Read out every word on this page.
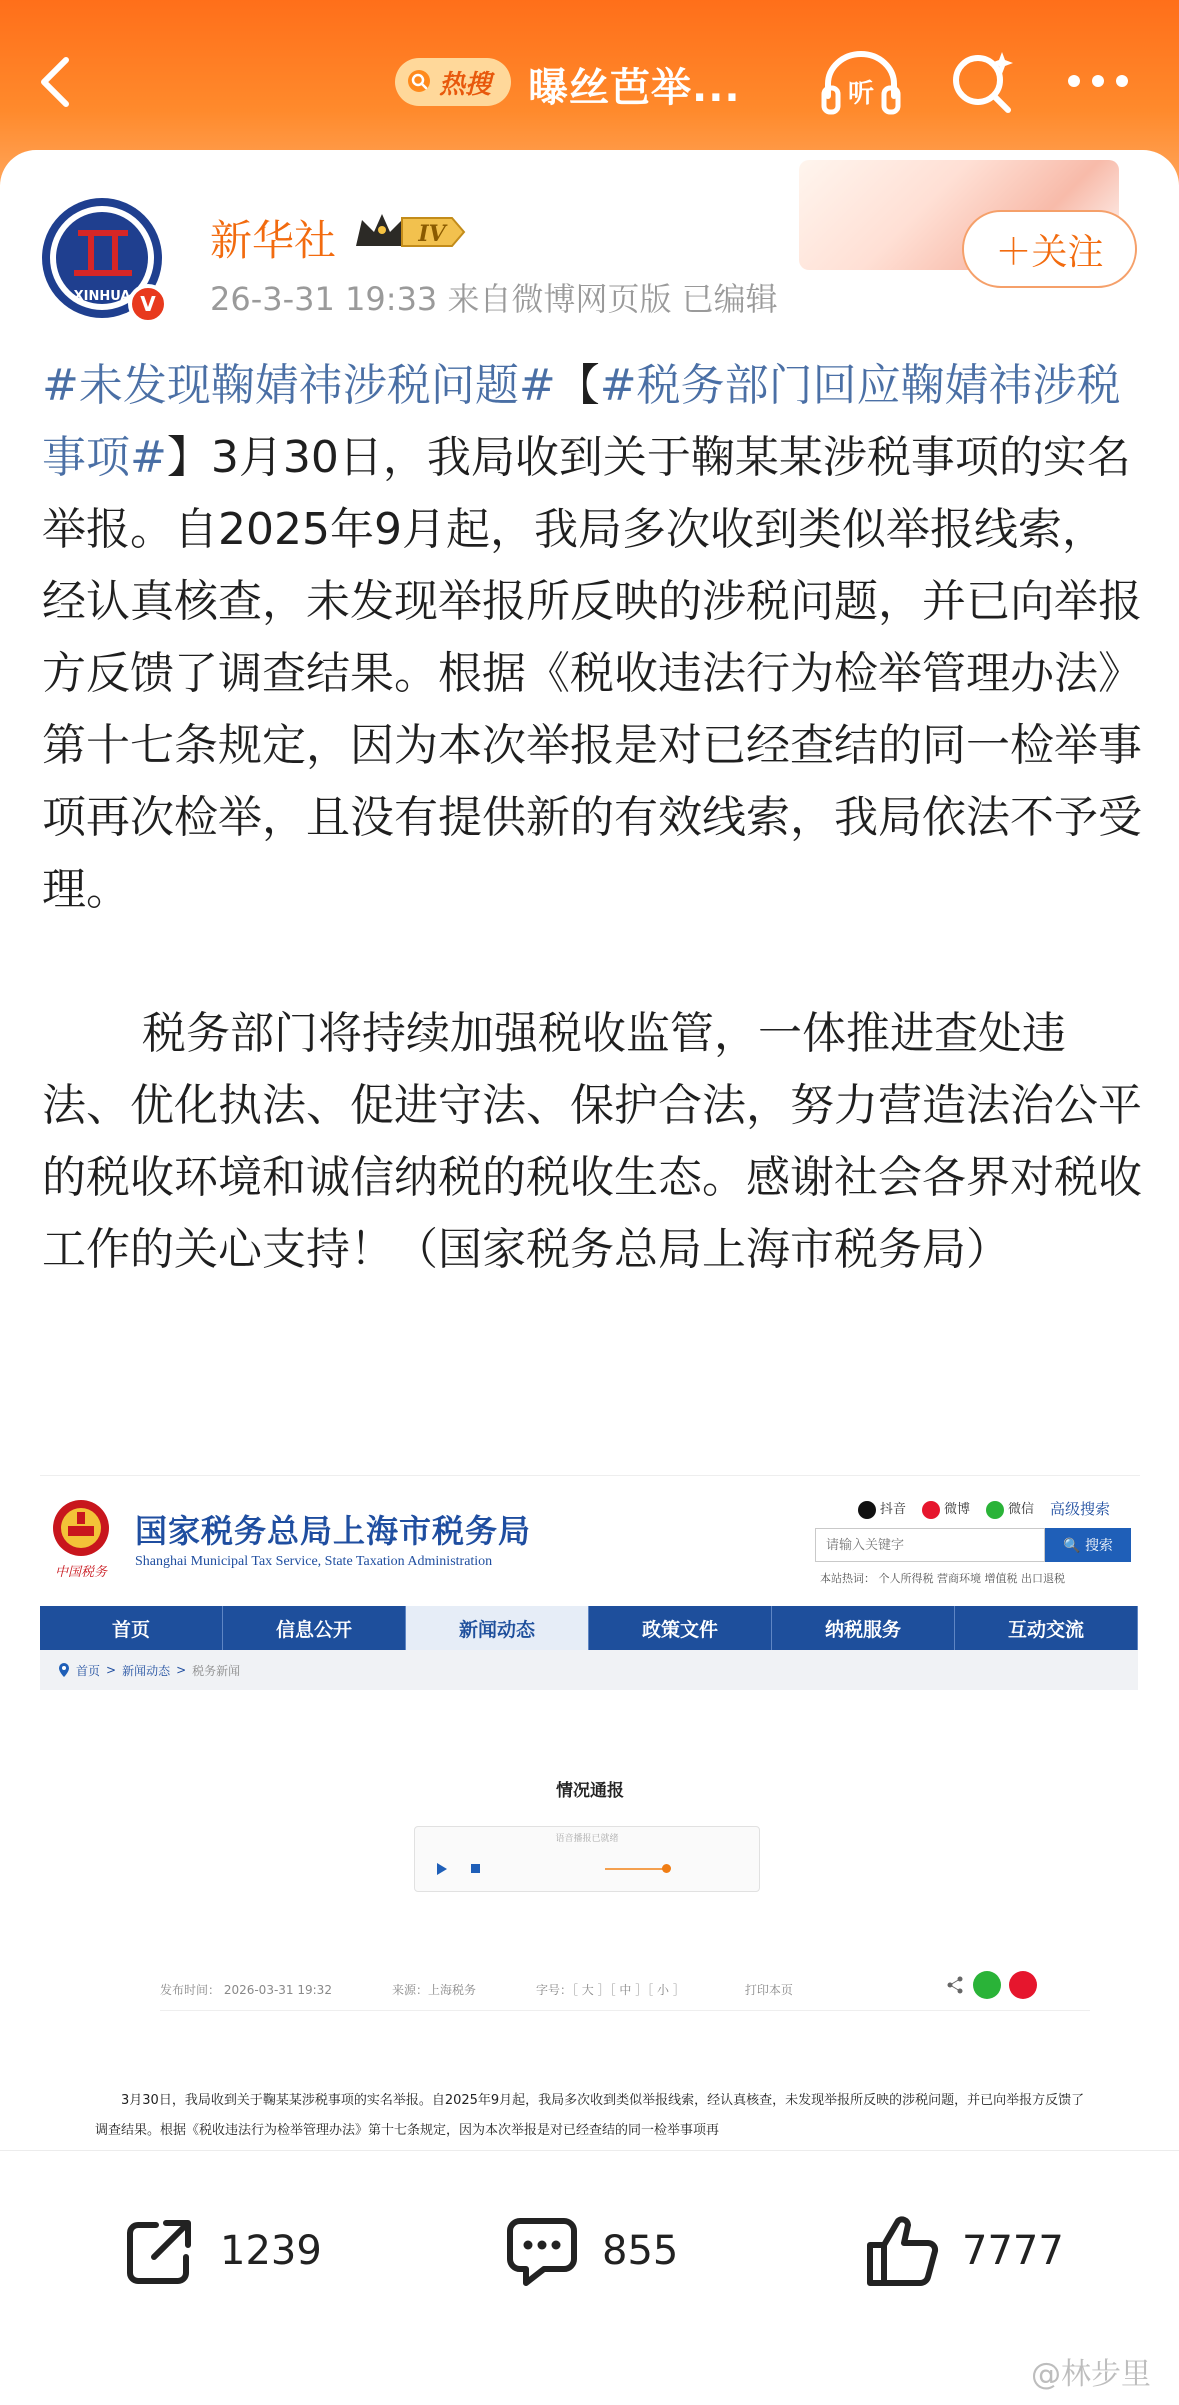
热搜 曝丝芭举...	听
XINHUA V
新华社	IV
26-3-31 19:33 来自微博网页版 已编辑
＋关注

#未发现鞠婧祎涉税问题#【#税务部门回应鞠婧祎涉税事项#】3月30日，我局收到关于鞠某某涉税事项的实名举报。自2025年9月起，我局多次收到类似举报线索，经认真核查，未发现举报所反映的涉税问题，并已向举报方反馈了调查结果。根据《税收违法行为检举管理办法》第十七条规定，因为本次举报是对已经查结的同一检举事项再次检举，且没有提供新的有效线索，我局依法不予受理。

税务部门将持续加强税收监管，一体推进查处违法、优化执法、促进守法、保护合法，努力营造法治公平的税收环境和诚信纳税的税收生态。感谢社会各界对税收工作的关心支持！（国家税务总局上海市税务局）

中国税务
国家税务总局上海市税务局
Shanghai Municipal Tax Service, State Taxation Administration
抖音	微博	微信 高级搜索
请输入关键字
🔍 搜索
本站热词： 个人所得税 营商环境 增值税 出口退税
首页	信息公开	新闻动态	政策文件	纳税服务	互动交流
首页 > 新闻动态 > 税务新闻
情况通报
语音播报已就绪
发布时间： 2026-03-31 19:32	来源：上海税务	字号：［ 大 ］［ 中 ］［ 小 ］	打印本页
3月30日，我局收到关于鞠某某涉税事项的实名举报。自2025年9月起，我局多次收到类似举报线索，经认真核查，未发现举报所反映的涉税问题，并已向举报方反馈了调查结果。根据《税收违法行为检举管理办法》第十七条规定，因为本次举报是对已经查结的同一检举事项再
1239	855	7777
@林步里
